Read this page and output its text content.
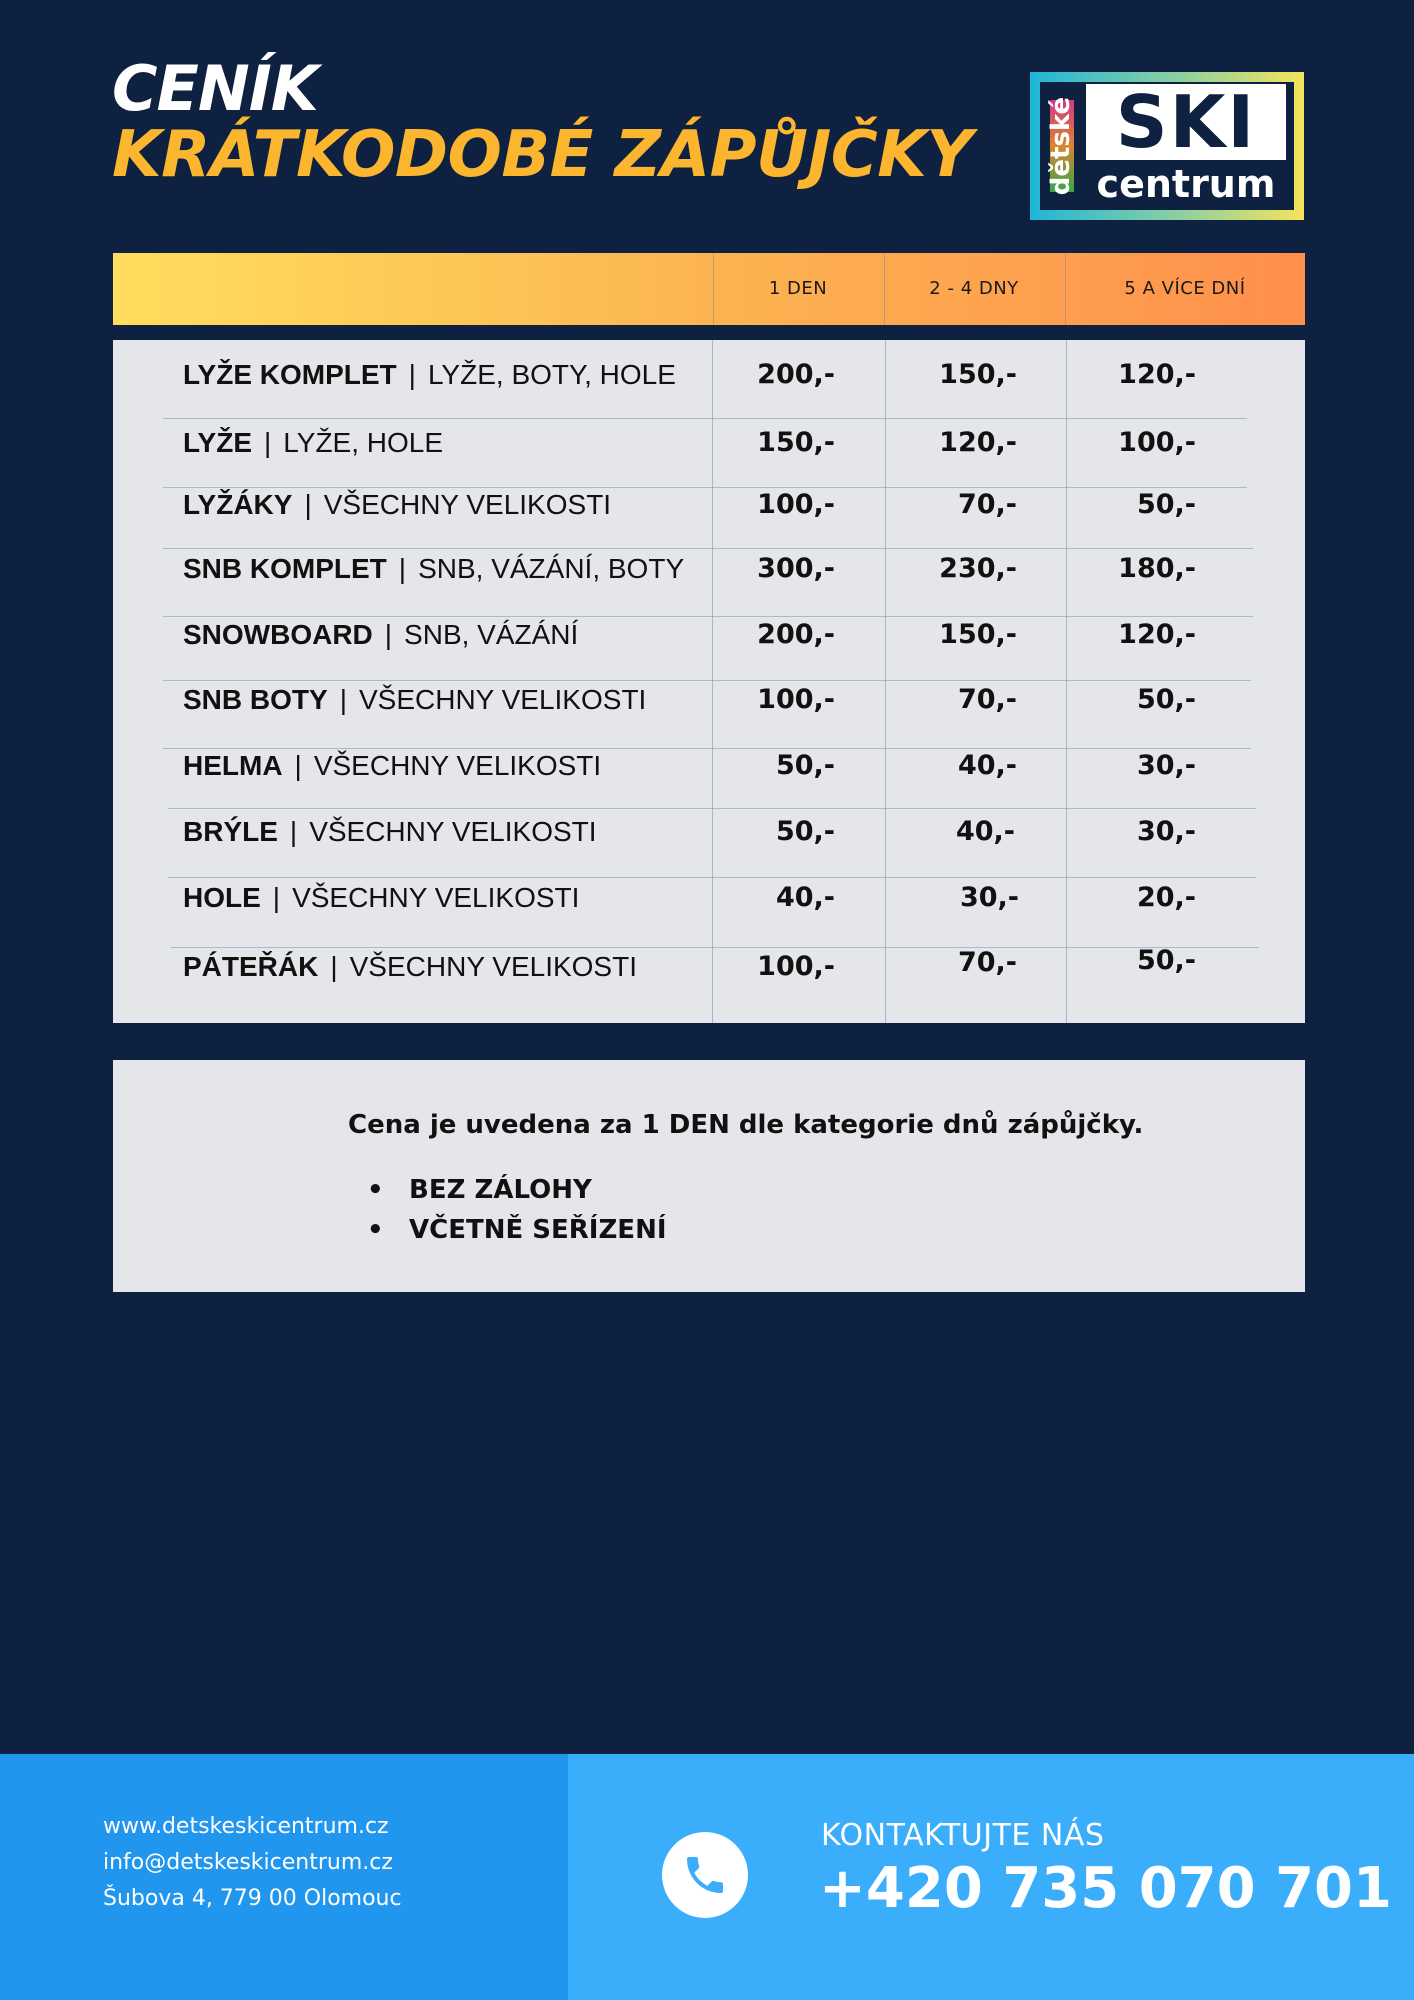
CENÍK
KRÁTKODOBÉ ZÁPŮJČKY	dětské SKI
centrum
1 DEN	2 - 4 DNY	5 A VÍCE DNÍ
LYŽE KOMPLET | LYŽE, BOTY, HOLE	200,-	150,-	120,-
LYŽE | LYŽE, HOLE	150,-	120,-	100,-
LYŽÁKY | VŠECHNY VELIKOSTI	100,-	70,-	50,-
SNB KOMPLET | SNB, VÁZÁNÍ, BOTY	300,-	230,-	180,-
SNOWBOARD | SNB, VÁZÁNÍ	200,-	150,-	120,-
SNB BOTY | VŠECHNY VELIKOSTI	100,-	70,-	50,-
HELMA | VŠECHNY VELIKOSTI	50,-	40,-	30,-
BRÝLE | VŠECHNY VELIKOSTI	50,-	40,-	30,-
HOLE | VŠECHNY VELIKOSTI	40,-	30,-	20,-
PÁTEŘÁK | VŠECHNY VELIKOSTI	100,-	70,-	50,-
Cena je uvedena za 1 DEN dle kategorie dnů zápůjčky.
• BEZ ZÁLOHY
• VČETNĚ SEŘÍZENÍ
www.detskeskicentrum.cz
info@detskeskicentrum.cz
Šubova 4, 779 00 Olomouc
KONTAKTUJTE NÁS
+420 735 070 701
